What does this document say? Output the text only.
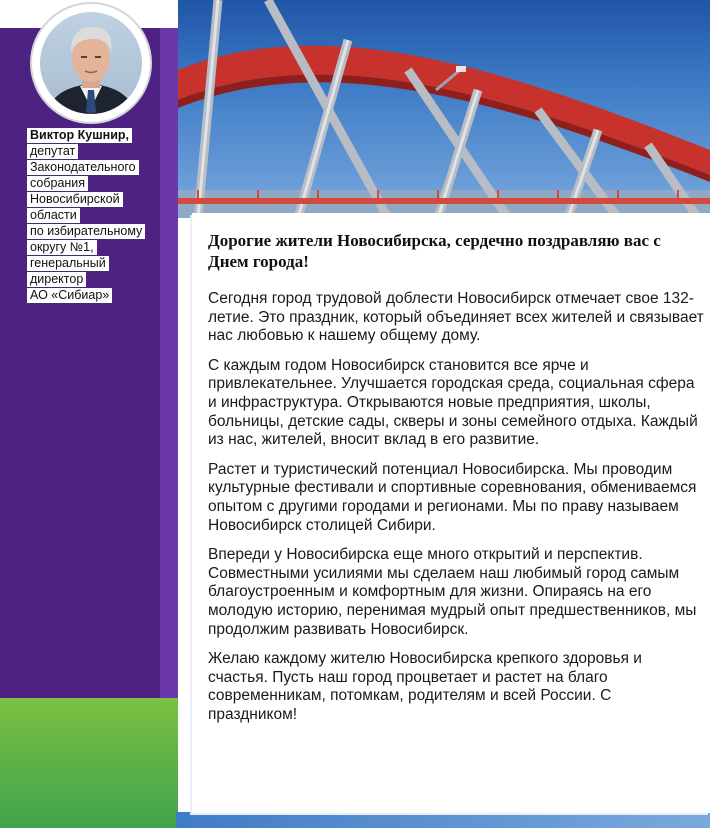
Виктор Кушнир,
депутат
Законодательного
собрания
Новосибирской
области
по избирательному
округу №1,
генеральный
директор
АО «Сибиар»
Дорогие жители Новосибирска, сердечно поздравляю вас с Днем города!

Сегодня город трудовой доблести Новосибирск отмечает свое 132-летие. Это праздник, который объединяет всех жителей и связывает нас любовью к нашему общему дому.

С каждым годом Новосибирск становится все ярче и привлекательнее. Улучшается городская среда, социальная сфера и инфраструктура. Открываются новые предприятия, школы, больницы, детские сады, скверы и зоны семейного отдыха. Каждый из нас, жителей, вносит вклад в его развитие.

Растет и туристический потенциал Новосибирска. Мы проводим культурные фестивали и спортивные соревнования, обмениваемся опытом с другими городами и регионами. Мы по праву называем Новосибирск столицей Сибири.

Впереди у Новосибирска еще много открытий и перспектив. Совместными усилиями мы сделаем наш любимый город самым благоустроенным и комфортным для жизни. Опираясь на его молодую историю, перенимая мудрый опыт предшественников, мы продолжим развивать Новосибирск.

Желаю каждому жителю Новосибирска крепкого здоровья и счастья. Пусть наш город процветает и растет на благо современникам, потомкам, родителям и всей России. С праздником!
